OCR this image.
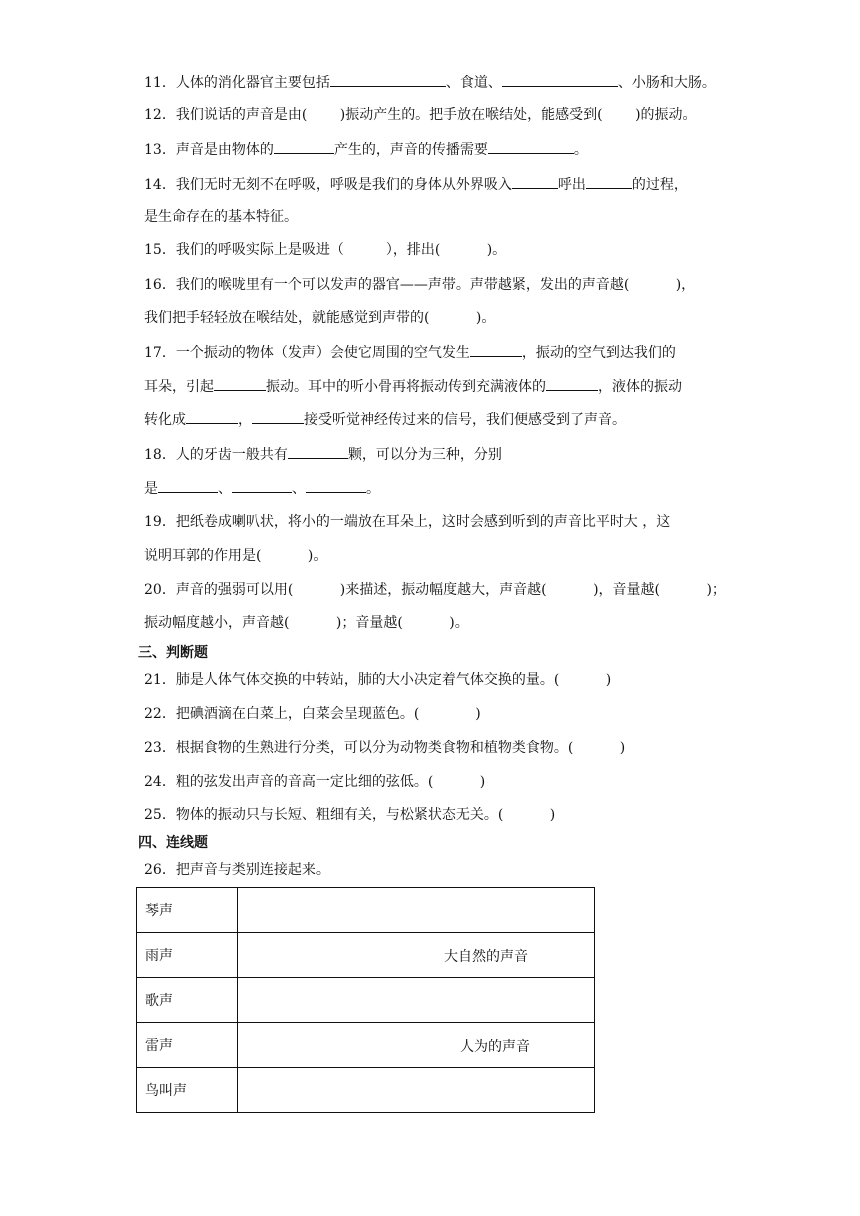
11．人体的消化器官主要包括	、食道、	、小肠和大肠。
12．我们说话的声音是由(　　 )振动产生的。把手放在喉结处，能感受到(　　 )的振动。
13．声音是由物体的	产生的，声音的传播需要	。
14．我们无时无刻不在呼吸，呼吸是我们的身体从外界吸入	呼出	的过程，
是生命存在的基本特征。
15．我们的呼吸实际上是吸进（　　　），排出(　　　 )。
16．我们的喉咙里有一个可以发声的器官——声带。声带越紧，发出的声音越(　　　 )，
我们把手轻轻放在喉结处，就能感觉到声带的(　　　 )。
17．一个振动的物体（发声）会使它周围的空气发生	，振动的空气到达我们的
耳朵，引起	振动。耳中的听小骨再将振动传到充满液体的	，液体的振动
转化成	，	接受听觉神经传过来的信号，我们便感受到了声音。
18．人的牙齿一般共有	颗，可以分为三种，分别
是	、	、	。
19．把纸卷成喇叭状，将小的一端放在耳朵上，这时会感到听到的声音比平时大 ，这
说明耳郭的作用是(　　　 )。
20．声音的强弱可以用(　　　 )来描述，振动幅度越大，声音越(　　　 )，音量越(　　　 )；
振动幅度越小，声音越(　　　 )；音量越(　　　 )。
三、判断题
21．肺是人体气体交换的中转站，肺的大小决定着气体交换的量。(　　　 )
22．把碘酒滴在白菜上，白菜会呈现蓝色。(　　　　)
23．根据食物的生熟进行分类，可以分为动物类食物和植物类食物。(　　　 )
24．粗的弦发出声音的音高一定比细的弦低。(　　　 )
25．物体的振动只与长短、粗细有关，与松紧状态无关。(　　　 )
四、连线题
26．把声音与类别连接起来。
琴声	
雨声	大自然的声音

歌声	
雷声	人为的声音

鸟叫声	
